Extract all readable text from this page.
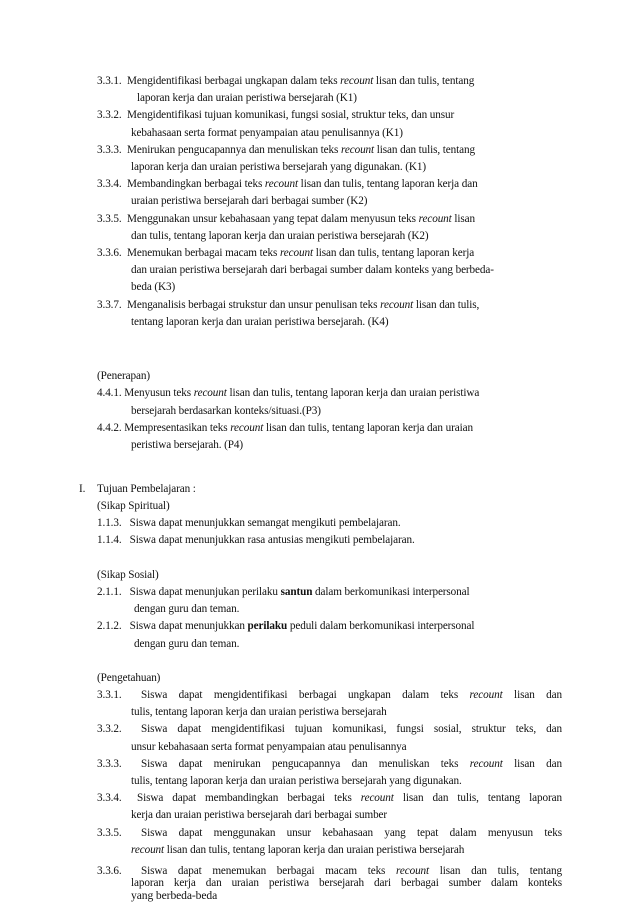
3.3.1. Mengidentifikasi berbagai ungkapan dalam teks recount lisan dan tulis, tentang
laporan kerja dan uraian peristiwa bersejarah (K1)
3.3.2. Mengidentifikasi tujuan komunikasi, fungsi sosial, struktur teks, dan unsur
kebahasaan serta format penyampaian atau penulisannya (K1)
3.3.3. Menirukan pengucapannya dan menuliskan teks recount lisan dan tulis, tentang
laporan kerja dan uraian peristiwa bersejarah yang digunakan. (K1)
3.3.4. Membandingkan berbagai teks recount lisan dan tulis, tentang laporan kerja dan
uraian peristiwa bersejarah dari berbagai sumber (K2)
3.3.5. Menggunakan unsur kebahasaan yang tepat dalam menyusun teks recount lisan
dan tulis, tentang laporan kerja dan uraian peristiwa bersejarah (K2)
3.3.6. Menemukan berbagai macam teks recount lisan dan tulis, tentang laporan kerja
dan uraian peristiwa bersejarah dari berbagai sumber dalam konteks yang berbeda-
beda (K3)
3.3.7. Menganalisis berbagai strukstur dan unsur penulisan teks recount lisan dan tulis,
tentang laporan kerja dan uraian peristiwa bersejarah. (K4)
(Penerapan)
4.4.1. Menyusun teks recount lisan dan tulis, tentang laporan kerja dan uraian peristiwa
bersejarah berdasarkan konteks/situasi.(P3)
4.4.2. Mempresentasikan teks recount lisan dan tulis, tentang laporan kerja dan uraian
peristiwa bersejarah. (P4)
I. Tujuan Pembelajaran :
(Sikap Spiritual)
1.1.3. Siswa dapat menunjukkan semangat mengikuti pembelajaran.
1.1.4. Siswa dapat menunjukkan rasa antusias mengikuti pembelajaran.
(Sikap Sosial)
2.1.1. Siswa dapat menunjukan perilaku santun dalam berkomunikasi interpersonal
dengan guru dan teman.
2.1.2. Siswa dapat menunjukkan perilaku peduli dalam berkomunikasi interpersonal
dengan guru dan teman.
(Pengetahuan)
3.3.1. Siswa dapat mengidentifikasi berbagai ungkapan dalam teks recount lisan dan
tulis, tentang laporan kerja dan uraian peristiwa bersejarah
3.3.2. Siswa dapat mengidentifikasi tujuan komunikasi, fungsi sosial, struktur teks, dan
unsur kebahasaan serta format penyampaian atau penulisannya
3.3.3. Siswa dapat menirukan pengucapannya dan menuliskan teks recount lisan dan
tulis, tentang laporan kerja dan uraian peristiwa bersejarah yang digunakan.
3.3.4. Siswa dapat membandingkan berbagai teks recount lisan dan tulis, tentang laporan
kerja dan uraian peristiwa bersejarah dari berbagai sumber
3.3.5. Siswa dapat menggunakan unsur kebahasaan yang tepat dalam menyusun teks
recount lisan dan tulis, tentang laporan kerja dan uraian peristiwa bersejarah
3.3.6. Siswa dapat menemukan berbagai macam teks recount lisan dan tulis, tentang
laporan kerja dan uraian peristiwa bersejarah dari berbagai sumber dalam konteks
yang berbeda-beda
